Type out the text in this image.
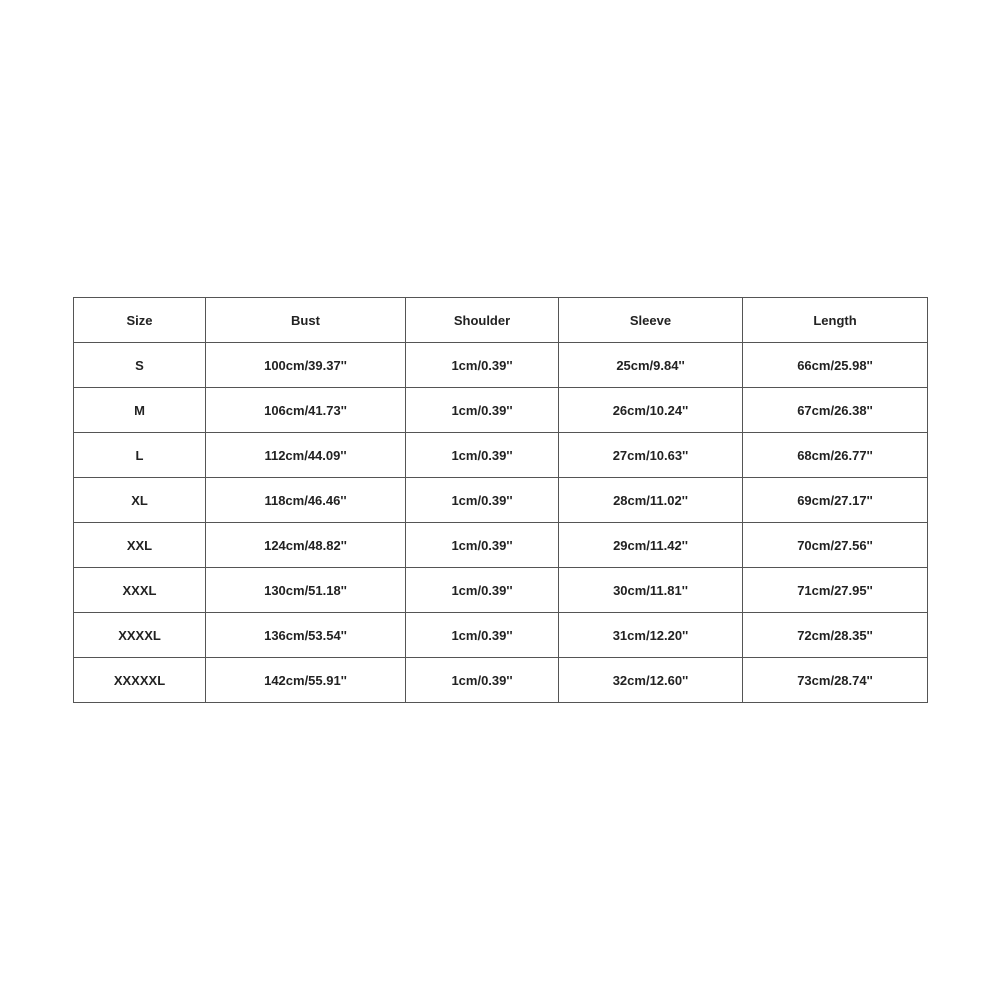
Size	Bust	Shoulder	Sleeve	Length
S	100cm/39.37''	1cm/0.39''	25cm/9.84''	66cm/25.98''
M	106cm/41.73''	1cm/0.39''	26cm/10.24''	67cm/26.38''
L	112cm/44.09''	1cm/0.39''	27cm/10.63''	68cm/26.77''
XL	118cm/46.46''	1cm/0.39''	28cm/11.02''	69cm/27.17''
XXL	124cm/48.82''	1cm/0.39''	29cm/11.42''	70cm/27.56''
XXXL	130cm/51.18''	1cm/0.39''	30cm/11.81''	71cm/27.95''
XXXXL	136cm/53.54''	1cm/0.39''	31cm/12.20''	72cm/28.35''
XXXXXL	142cm/55.91''	1cm/0.39''	32cm/12.60''	73cm/28.74''
